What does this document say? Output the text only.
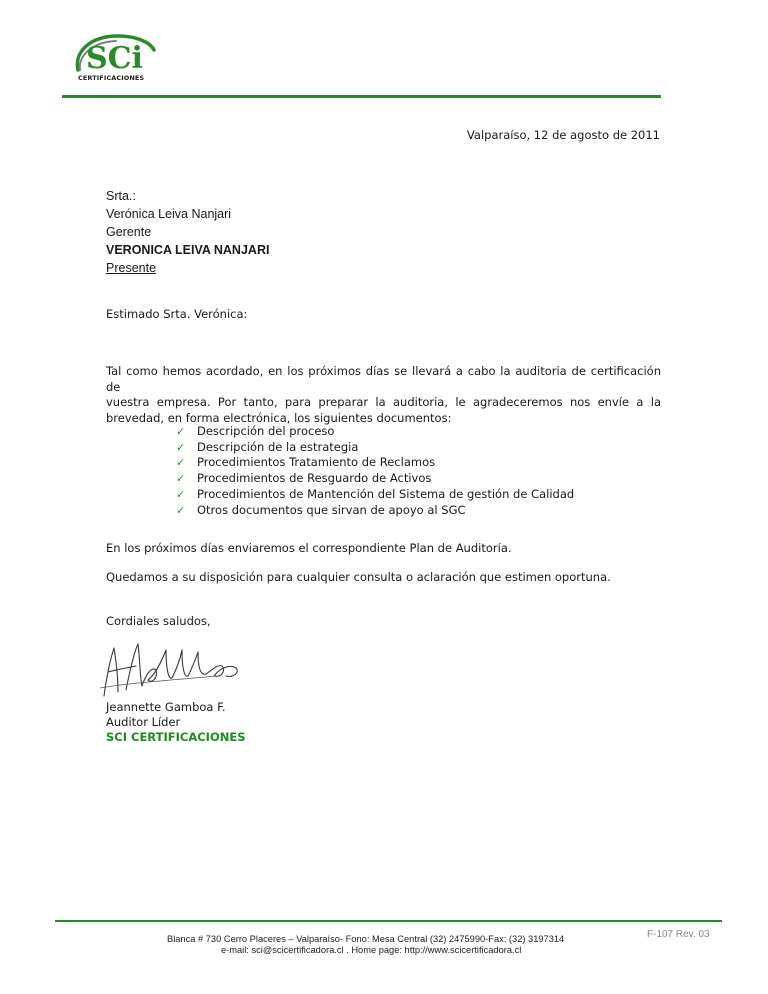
SCi
CERTIFICACIONES
Valparaíso, 12 de agosto de 2011
Srta.:
Verónica Leiva Nanjari
Gerente
VERONICA LEIVA NANJARI
Presente
Estimado Srta. Verónica:
Tal como hemos acordado, en los próximos días se llevará a cabo la auditoria de certificación de
vuestra empresa. Por tanto, para preparar la auditoria, le agradeceremos nos envíe a la
brevedad, en forma electrónica, los siguientes documentos:
✓ Descripción del proceso
✓ Descripción de la estrategia
✓ Procedimientos Tratamiento de Reclamos
✓ Procedimientos de Resguardo de Activos
✓ Procedimientos de Mantención del Sistema de gestión de Calidad
✓ Otros documentos que sirvan de apoyo al SGC
En los próximos días enviaremos el correspondiente Plan de Auditoría.
Quedamos a su disposición para cualquier consulta o aclaración que estimen oportuna.
Cordiales saludos,
Jeannette Gamboa F.
Auditor Líder
SCI CERTIFICACIONES
Blanca # 730 Cerro Placeres – Valparaíso- Fono: Mesa Central (32) 2475990-Fax: (32) 3197314
e-mail: sci@scicertificadora.cl . Home page: http://www.scicertificadora.cl
F-107 Rev. 03
